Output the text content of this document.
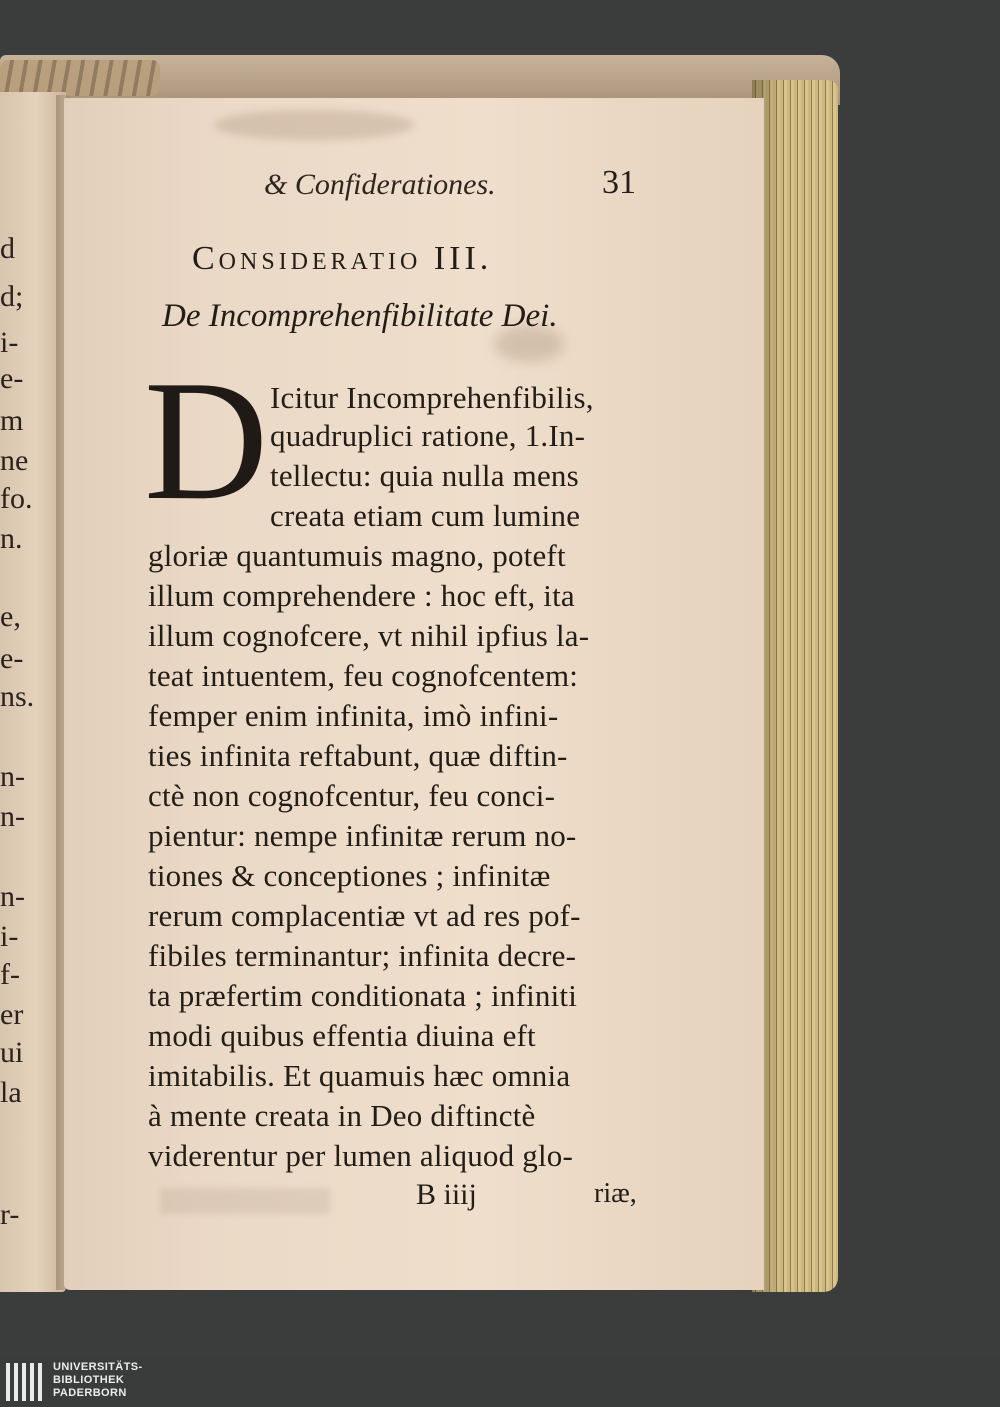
d
d;
i-
e-
m
ne
fo.
n.
e,
e-
ns.
n-
n-
n-
i-
f-
er
ui
la
r-
& Confiderationes.	31
Consideratio III.
De Incomprehenfibilitate Dei.
D Icitur Incomprehenfibilis,
quadruplici ratione, 1.In-
tellectu: quia nulla mens
creata etiam cum lumine
gloriæ quantumuis magno, poteft
illum comprehendere : hoc eft, ita
illum cognofcere, vt nihil ipfius la-
teat intuentem, feu cognofcentem:
femper enim infinita, imò infini-
ties infinita reftabunt, quæ diftin-
ctè non cognofcentur, feu conci-
pientur: nempe infinitæ rerum no-
tiones & conceptiones ; infinitæ
rerum complacentiæ vt ad res pof-
fibiles terminantur; infinita decre-
ta præfertim conditionata ; infiniti
modi quibus effentia diuina eft
imitabilis. Et quamuis hæc omnia
à mente creata in Deo diftinctè
viderentur per lumen aliquod glo-
B iiij	riæ,
UNIVERSITÄTS-
BIBLIOTHEK
PADERBORN
